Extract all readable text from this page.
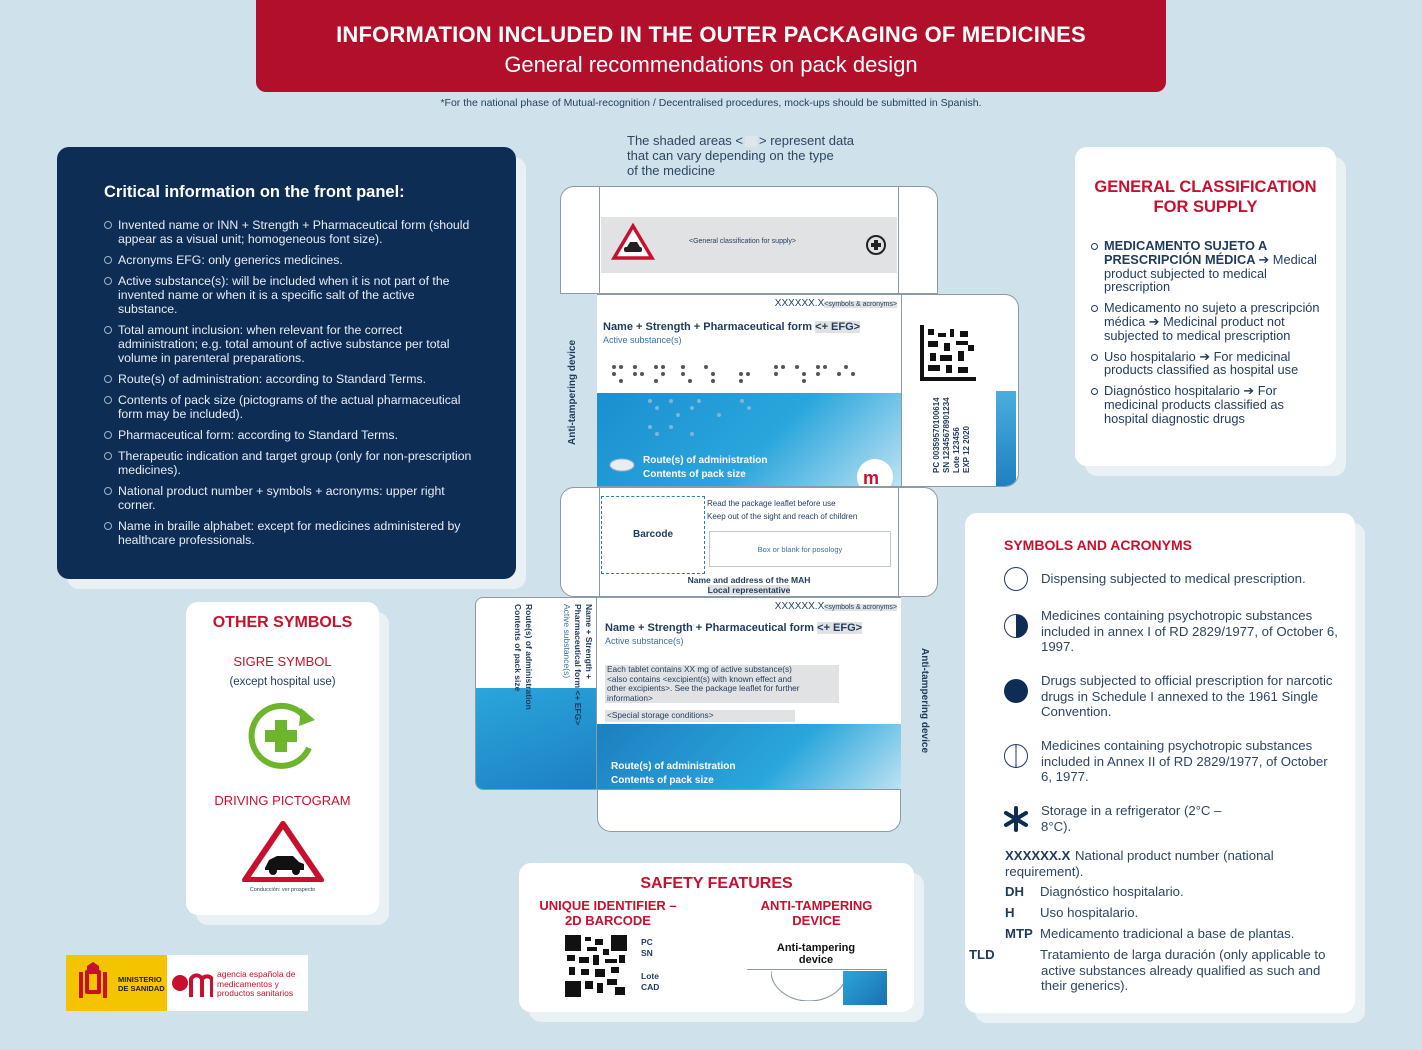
INFORMATION INCLUDED IN THE OUTER PACKAGING OF MEDICINES
General recommendations on pack design
*For the national phase of Mutual-recognition / Decentralised procedures, mock-ups should be submitted in Spanish.
Critical information on the front panel:
Invented name or INN + Strength + Pharmaceutical form (should appear as a visual unit; homogeneous font size).
Acronyms EFG: only generics medicines.
Active substance(s): will be included when it is not part of the invented name or when it is a specific salt of the active substance.
Total amount inclusion: when relevant for the correct administration; e.g. total amount of active substance per total volume in parenteral preparations.
Route(s) of administration: according to Standard Terms.
Contents of pack size (pictograms of the actual pharmaceutical form may be included).
Pharmaceutical form: according to Standard Terms.
Therapeutic indication and target group (only for non-prescription medicines).
National product number + symbols + acronyms: upper right corner.
Name in braille alphabet: except for medicines administered by healthcare professionals.
The shaded areas < > represent data
that can vary depending on the type
of the medicine
<General classification for supply>
XXXXXX.X<symbols & acronyms>
Name + Strength + Pharmaceutical form <+ EFG>
Active substance(s)
Route(s) of administration
Contents of pack size	m
Anti-tampering device	PC 00359570100614 SN 12345678901234 Lote 123456 EXP 12 2020
Barcode
Read the package leaflet before use
Keep out of the sight and reach of children
Box or blank for posology
Name and address of the MAH
Local representative
XXXXXX.X<symbols & acronyms>
Name + Strength + Pharmaceutical form <+ EFG>
Active substance(s)
Each tablet contains XX mg of active substance(s)
<also contains <excipient(s) with known effect and
other excipients>. See the package leaflet for further
information>
<Special storage conditions>
Route(s) of administration
Contents of pack size
Name + Strength +
Pharmaceutical form <+ EFG>
Active substance(s)
Route(s) of administration
Contents of pack size
Anti-tampering device
GENERAL CLASSIFICATION
FOR SUPPLY
MEDICAMENTO SUJETO A PRESCRIPCIÓN MÉDICA ➔ Medical product subjected to medical prescription
Medicamento no sujeto a prescripción médica ➔ Medicinal product not subjected to medical prescription
Uso hospitalario ➔ For medicinal products classified as hospital use
Diagnóstico hospitalario ➔ For medicinal products classified as hospital diagnostic drugs
SYMBOLS AND ACRONYMS
Dispensing subjected to medical prescription.
Medicines containing psychotropic substances included in annex I of RD 2829/1977, of October 6, 1997.
Drugs subjected to official prescription for narcotic drugs in Schedule I annexed to the 1961 Single Convention.
Medicines containing psychotropic substances included in Annex II of RD 2829/1977, of October 6, 1977.
Storage in a refrigerator (2°C – 8°C).
XXXXXX.X National product number (national requirement).
DH Diagnóstico hospitalario.
H Uso hospitalario.
MTP Medicamento tradicional a base de plantas.
TLD	Tratamiento de larga duración (only applicable to active substances already qualified as such and their generics).
OTHER SYMBOLS
SIGRE SYMBOL
(except hospital use)
DRIVING PICTOGRAM
Conducción: ver prospecto	SAFETY FEATURES
UNIQUE IDENTIFIER – 2D BARCODE
ANTI-TAMPERING DEVICE
PC
SN
Lote
CAD
Anti-tampering device
MINISTERIO
DE SANIDAD
agencia española de
medicamentos y
productos sanitarios
